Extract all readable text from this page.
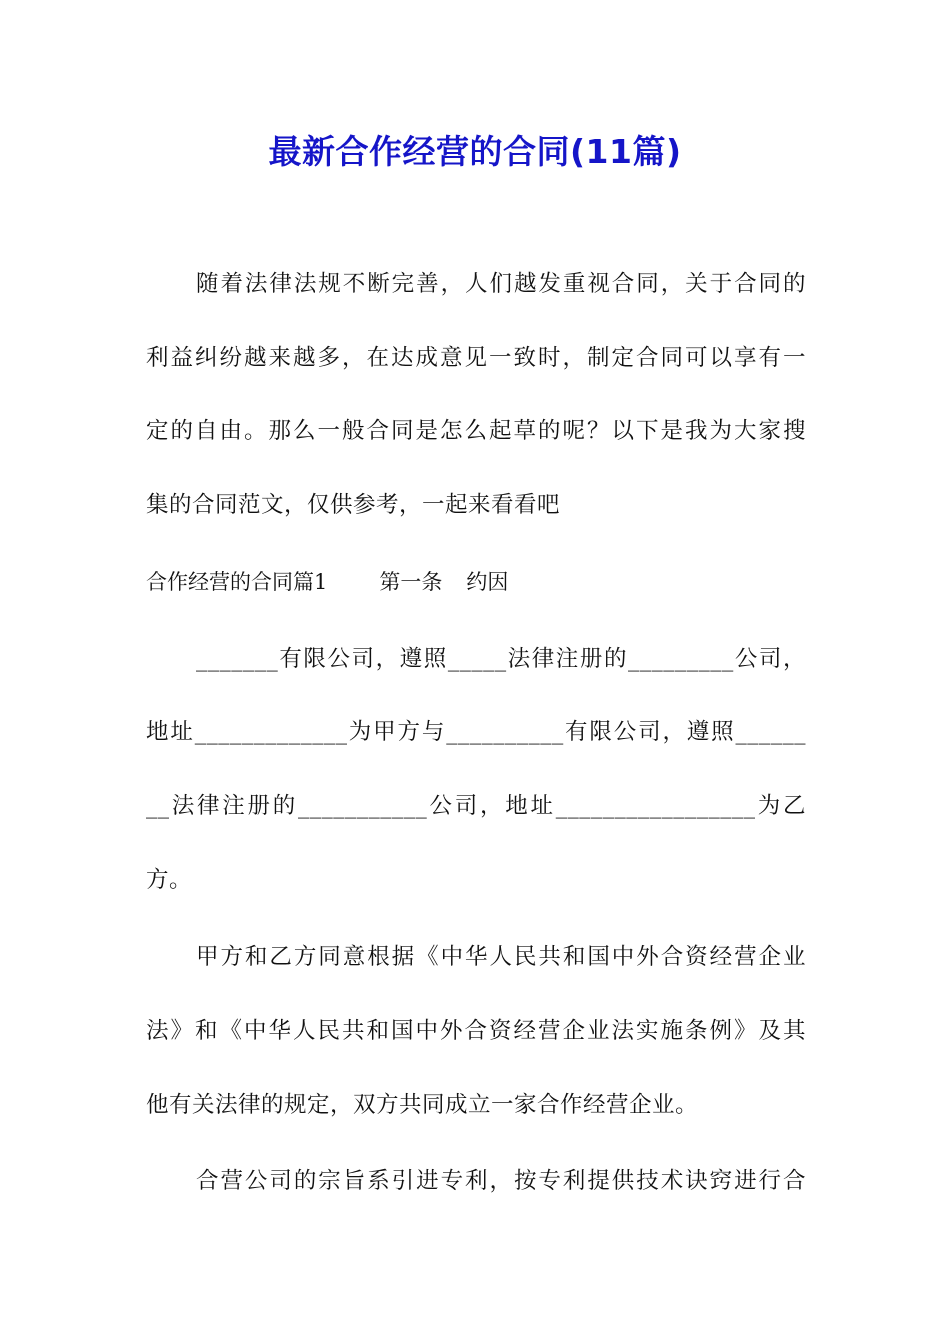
最新合作经营的合同(11篇)
随着法律法规不断完善，人们越发重视合同，关于合同的
利益纠纷越来越多，在达成意见一致时，制定合同可以享有一
定的自由。那么一般合同是怎么起草的呢？以下是我为大家搜
集的合同范文，仅供参考，一起来看看吧
合作经营的合同篇1 第一条 约因
_______有限公司，遵照_____法律注册的_________公司，
地址_____________为甲方与__________有限公司，遵照______
__法律注册的___________公司，地址_________________为乙
方。
甲方和乙方同意根据《中华人民共和国中外合资经营企业
法》和《中华人民共和国中外合资经营企业法实施条例》及其
他有关法律的规定，双方共同成立一家合作经营企业。
合营公司的宗旨系引进专利，按专利提供技术诀窍进行合
